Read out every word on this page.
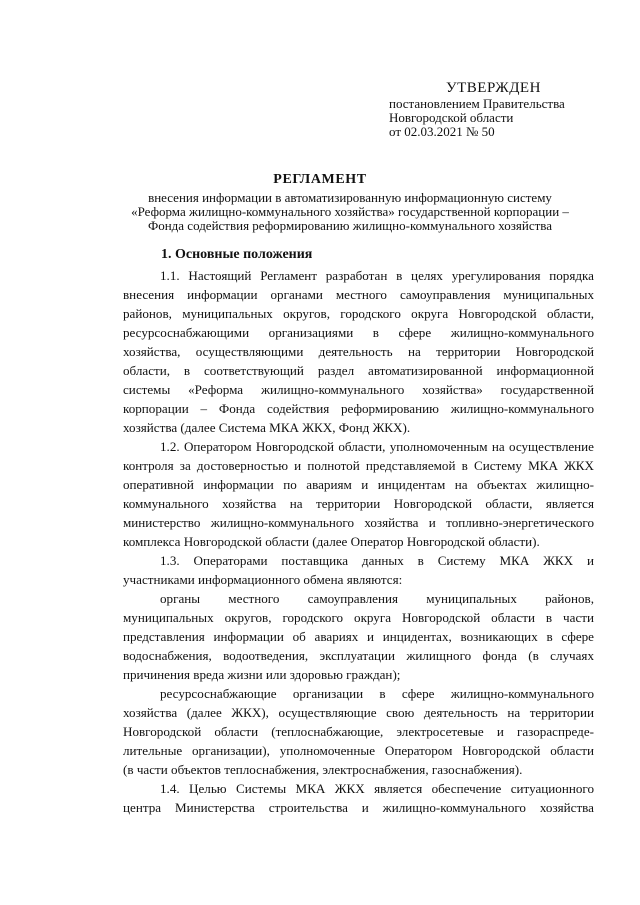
УТВЕРЖДЕН
постановлением Правительства
Новгородской области
от 02.03.2021 № 50
РЕГЛАМЕНТ
внесения информации в автоматизированную информационную систему
«Реформа жилищно-коммунального хозяйства» государственной корпорации –
Фонда содействия реформированию жилищно-коммунального хозяйства
1. Основные положения
1.1. Настоящий Регламент разработан в целях урегулирования порядка
внесения информации органами местного самоуправления муниципальных
районов, муниципальных округов, городского округа Новгородской области,
ресурсоснабжающими организациями в сфере жилищно-коммунального
хозяйства, осуществляющими деятельность на территории Новгородской
области, в соответствующий раздел автоматизированной информационной
системы «Реформа жилищно-коммунального хозяйства» государственной
корпорации – Фонда содействия реформированию жилищно-коммунального
хозяйства (далее Система МКА ЖКХ, Фонд ЖКХ).
1.2. Оператором Новгородской области, уполномоченным на осуществление
контроля за достоверностью и полнотой представляемой в Систему МКА ЖКХ
оперативной информации по авариям и инцидентам на объектах жилищно-
коммунального хозяйства на территории Новгородской области, является
министерство жилищно-коммунального хозяйства и топливно-энергетического
комплекса Новгородской области (далее Оператор Новгородской области).
1.3. Операторами поставщика данных в Систему МКА ЖКХ и
участниками информационного обмена являются:
органы местного самоуправления муниципальных районов,
муниципальных округов, городского округа Новгородской области в части
представления информации об авариях и инцидентах, возникающих в сфере
водоснабжения, водоотведения, эксплуатации жилищного фонда (в случаях
причинения вреда жизни или здоровью граждан);
ресурсоснабжающие организации в сфере жилищно-коммунального
хозяйства (далее ЖКХ), осуществляющие свою деятельность на территории
Новгородской области (теплоснабжающие, электросетевые и газораспреде-
лительные организации), уполномоченные Оператором Новгородской области
(в части объектов теплоснабжения, электроснабжения, газоснабжения).
1.4. Целью Системы МКА ЖКХ является обеспечение ситуационного
центра Министерства строительства и жилищно-коммунального хозяйства
